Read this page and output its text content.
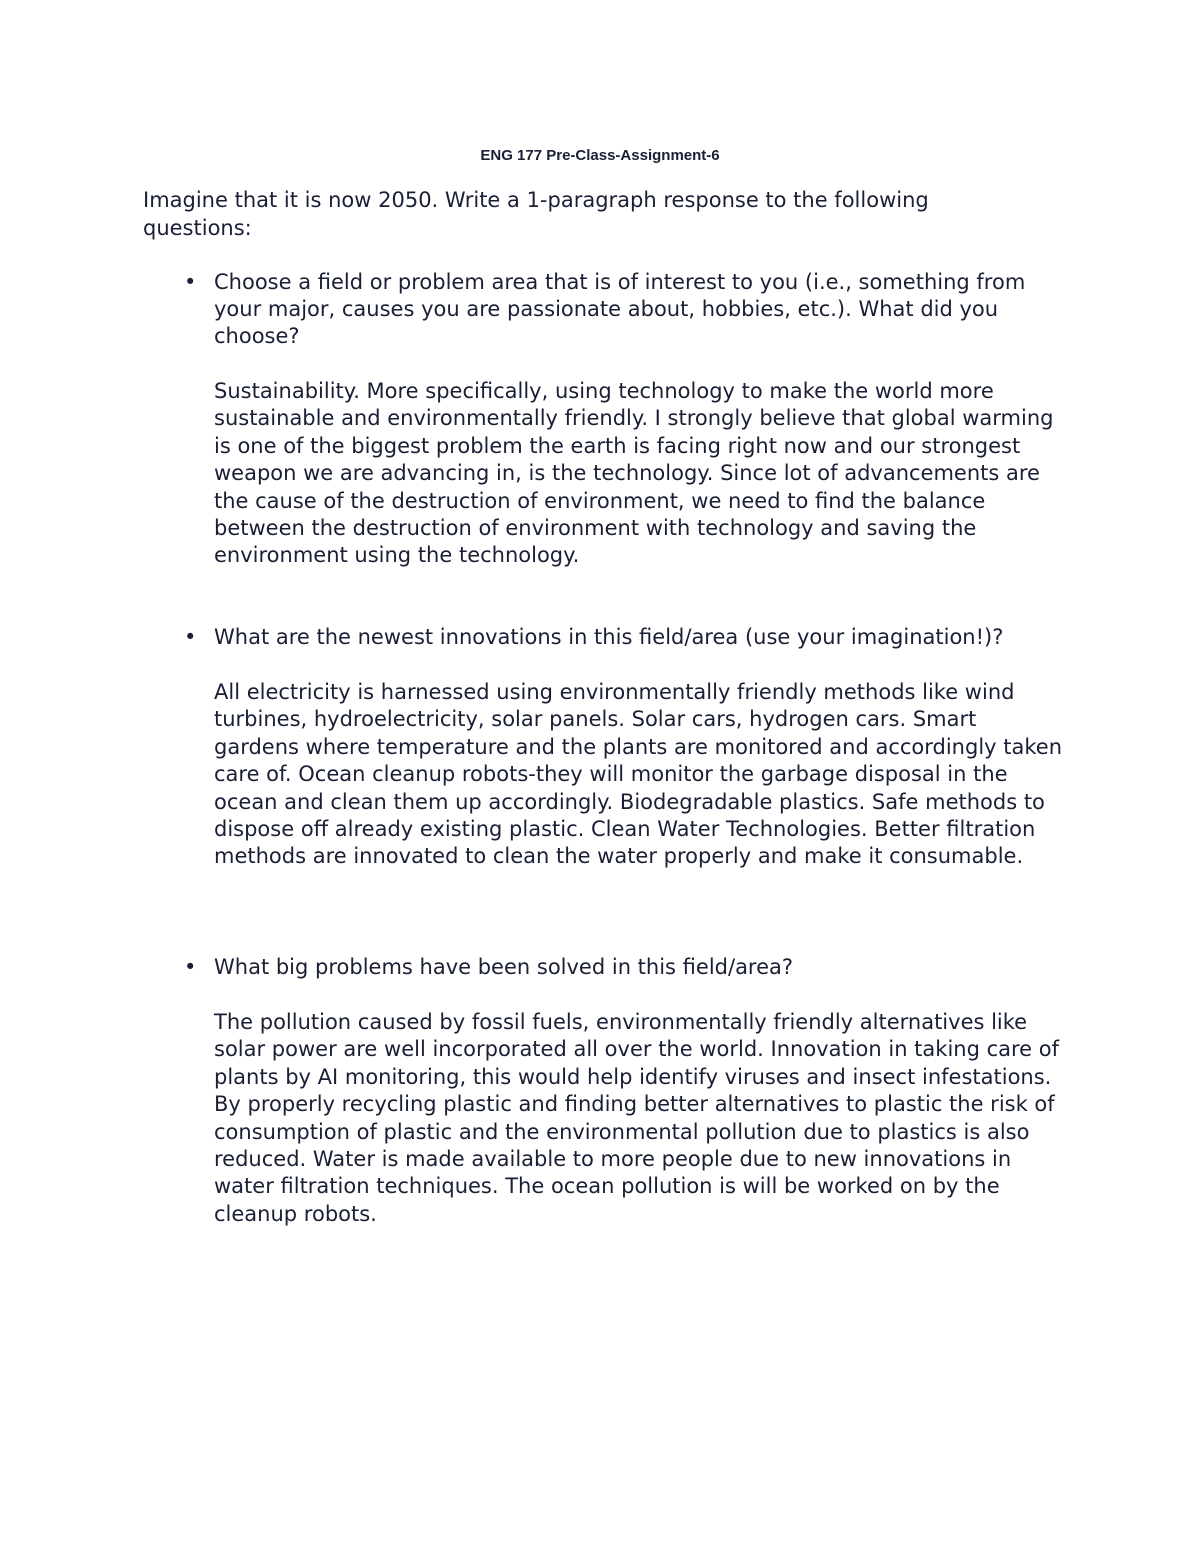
ENG 177 Pre-Class-Assignment-6

Imagine that it is now 2050. Write a 1-paragraph response to the following questions:

• Choose a field or problem area that is of interest to you (i.e., something from your major, causes you are passionate about, hobbies, etc.). What did you choose?

Sustainability. More specifically, using technology to make the world more sustainable and environmentally friendly. I strongly believe that global warming is one of the biggest problem the earth is facing right now and our strongest weapon we are advancing in, is the technology. Since lot of advancements are the cause of the destruction of environment, we need to find the balance between the destruction of environment with technology and saving the environment using the technology.

• What are the newest innovations in this field/area (use your imagination!)?

All electricity is harnessed using environmentally friendly methods like wind turbines, hydroelectricity, solar panels. Solar cars, hydrogen cars. Smart gardens where temperature and the plants are monitored and accordingly taken care of. Ocean cleanup robots-they will monitor the garbage disposal in the ocean and clean them up accordingly. Biodegradable plastics. Safe methods to dispose off already existing plastic. Clean Water Technologies. Better filtration methods are innovated to clean the water properly and make it consumable.

• What big problems have been solved in this field/area?

The pollution caused by fossil fuels, environmentally friendly alternatives like solar power are well incorporated all over the world. Innovation in taking care of plants by AI monitoring, this would help identify viruses and insect infestations. By properly recycling plastic and finding better alternatives to plastic the risk of consumption of plastic and the environmental pollution due to plastics is also reduced. Water is made available to more people due to new innovations in water filtration techniques. The ocean pollution is will be worked on by the cleanup robots.
